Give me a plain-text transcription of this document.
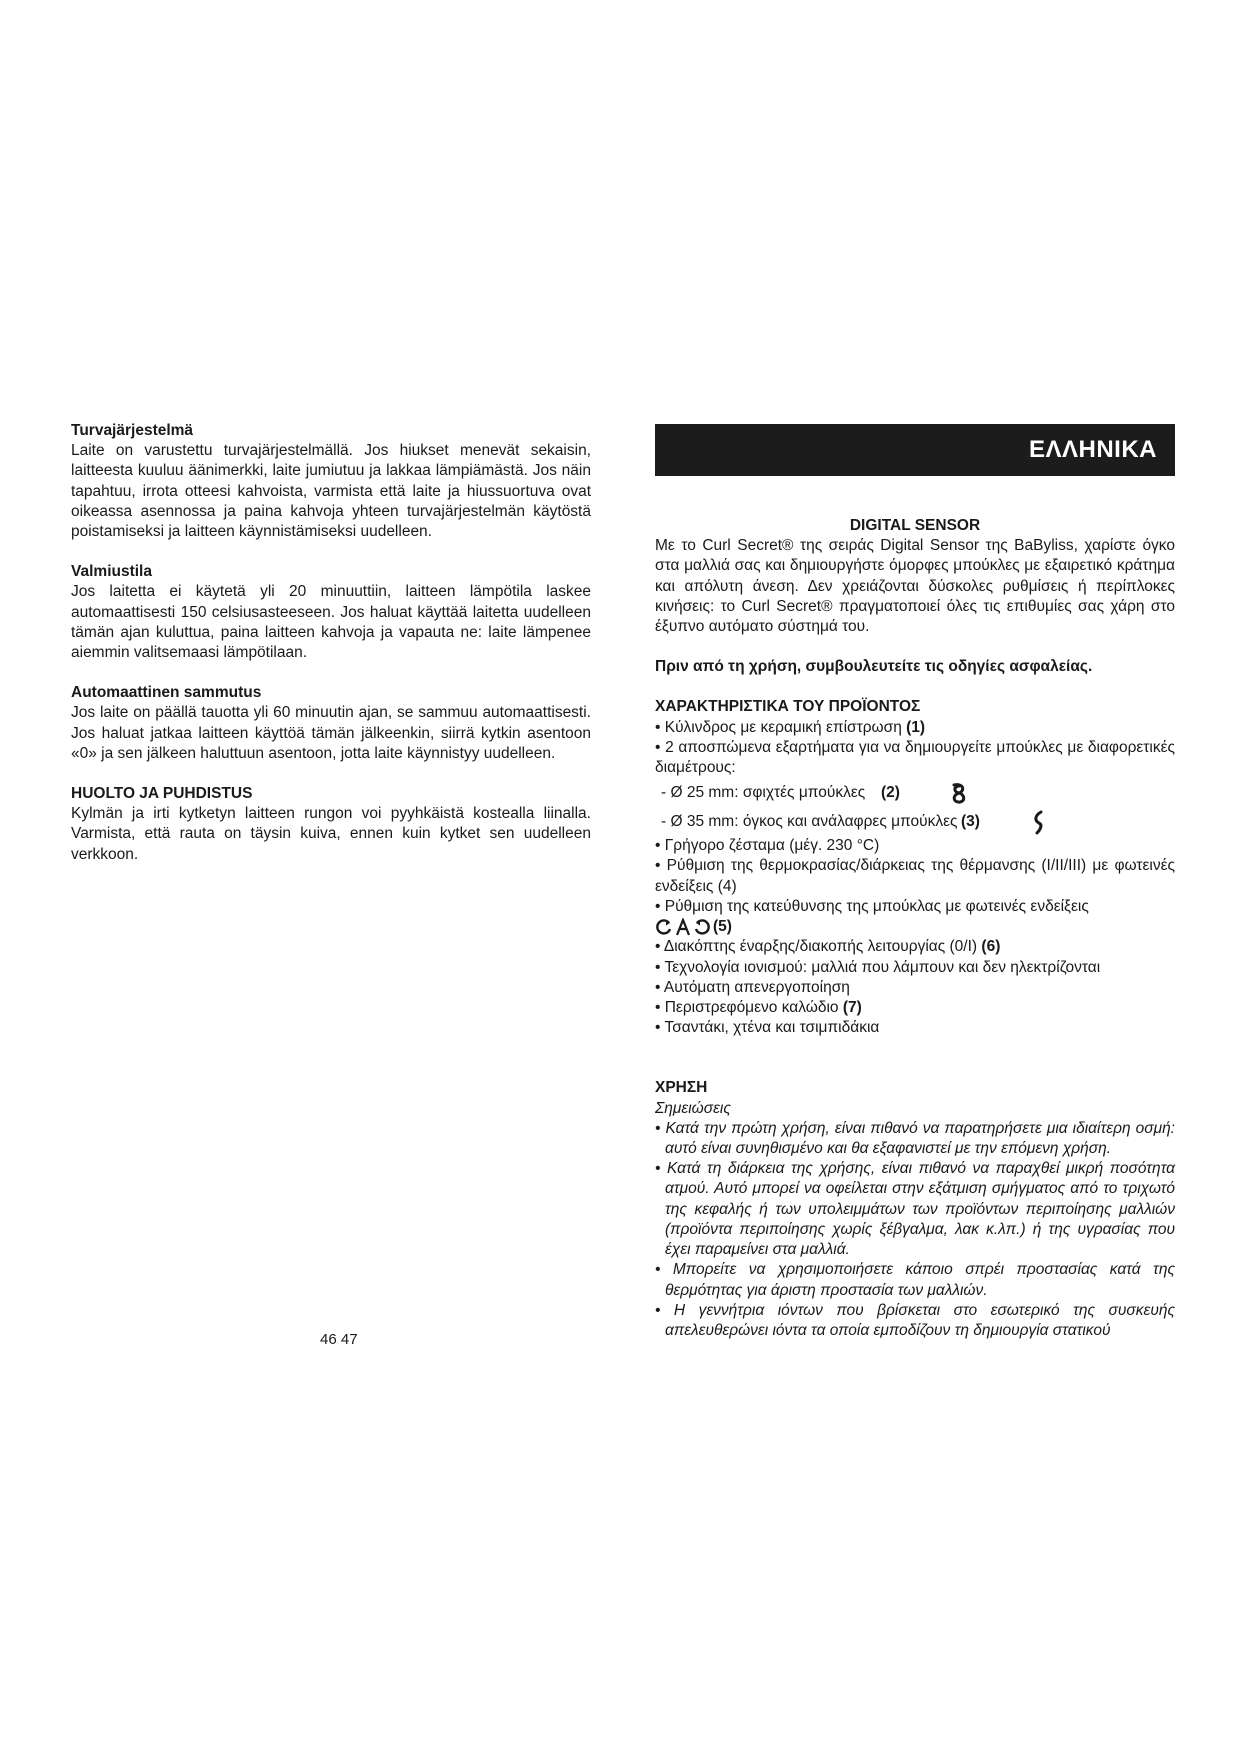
Turvajärjestelmä

Laite on varustettu turvajärjestelmällä. Jos hiukset menevät sekaisin, laitteesta kuuluu äänimerkki, laite jumiutuu ja lakkaa lämpiämästä. Jos näin tapahtuu, irrota otteesi kahvoista, varmista että laite ja hiussuortuva ovat oikeassa asennossa ja paina kahvoja yhteen turvajärjestelmän käytöstä poistamiseksi ja laitteen käynnistämiseksi uudelleen.

Valmiustila

Jos laitetta ei käytetä yli 20 minuuttiin, laitteen lämpötila laskee automaattisesti 150 celsiusasteeseen. Jos haluat käyttää laitetta uudelleen tämän ajan kuluttua, paina laitteen kahvoja ja vapauta ne: laite lämpenee aiemmin valitsemaasi lämpötilaan.

Automaattinen sammutus

Jos laite on päällä tauotta yli 60 minuutin ajan, se sammuu automaattisesti. Jos haluat jatkaa laitteen käyttöä tämän jälkeenkin, siirrä kytkin asentoon «0» ja sen jälkeen haluttuun asentoon, jotta laite käynnistyy uudelleen.

HUOLTO JA PUHDISTUS

Kylmän ja irti kytketyn laitteen rungon voi pyyhkäistä kostealla liinalla. Varmista, että rauta on täysin kuiva, ennen kuin kytket sen uudelleen verkkoon.

ΕΛΛΗΝΙΚΑ
DIGITAL SENSOR

Με το Curl Secret® της σειράς Digital Sensor της BaByliss, χαρίστε όγκο στα μαλλιά σας και δημιουργήστε όμορφες μπούκλες με εξαιρετικό κράτημα και απόλυτη άνεση. Δεν χρειάζονται δύσκολες ρυθμίσεις ή περίπλοκες κινήσεις: το Curl Secret® πραγματοποιεί όλες τις επιθυμίες σας χάρη στο έξυπνο αυτόματο σύστημά του.

Πριν από τη χρήση, συμβουλευτείτε τις οδηγίες ασφαλείας.

ΧΑΡΑΚΤΗΡΙΣΤΙΚΑ ΤΟΥ ΠΡΟΪΟΝΤΟΣ
• Κύλινδρος με κεραμική επίστρωση (1)

• 2 αποσπώμενα εξαρτήματα για να δημιουργείτε μπούκλες με διαφορετικές διαμέτρους:

- Ø 25 mm: σφιχτές μπούκλες	(2)
- Ø 35 mm: όγκος και ανάλαφρες μπούκλες (3)
• Γρήγορο ζέσταμα (μέγ. 230 °C)

• Ρύθμιση της θερμοκρασίας/διάρκειας της θέρμανσης (I/II/III) με φωτεινές ενδείξεις (4)

• Ρύθμιση της κατεύθυνσης της μπούκλας με φωτεινές ενδείξεις

(5)
• Διακόπτης έναρξης/διακοπής λειτουργίας (0/I) (6)
• Τεχνολογία ιονισμού: μαλλιά που λάμπουν και δεν ηλεκτρίζονται
• Αυτόματη απενεργοποίηση
• Περιστρεφόμενο καλώδιο (7)
• Τσαντάκι, χτένα και τσιμπιδάκια
ΧΡΗΣΗ
Σημειώσεις

• Κατά την πρώτη χρήση, είναι πιθανό να παρατηρήσετε μια ιδιαίτερη οσμή: αυτό είναι συνηθισμένο και θα εξαφανιστεί με την επόμενη χρήση.

• Κατά τη διάρκεια της χρήσης, είναι πιθανό να παραχθεί μικρή ποσότητα ατμού. Αυτό μπορεί να οφείλεται στην εξάτμιση σμήγματος από το τριχωτό της κεφαλής ή των υπολειμμάτων των προϊόντων περιποίησης μαλλιών (προϊόντα περιποίησης χωρίς ξέβγαλμα, λακ κ.λπ.) ή της υγρασίας που έχει παραμείνει στα μαλλιά.

• Μπορείτε να χρησιμοποιήσετε κάποιο σπρέι προστασίας κατά της θερμότητας για άριστη προστασία των μαλλιών.

• Η γεννήτρια ιόντων που βρίσκεται στο εσωτερικό της συσκευής απελευθερώνει ιόντα τα οποία εμποδίζουν τη δημιουργία στατικού

46 47
